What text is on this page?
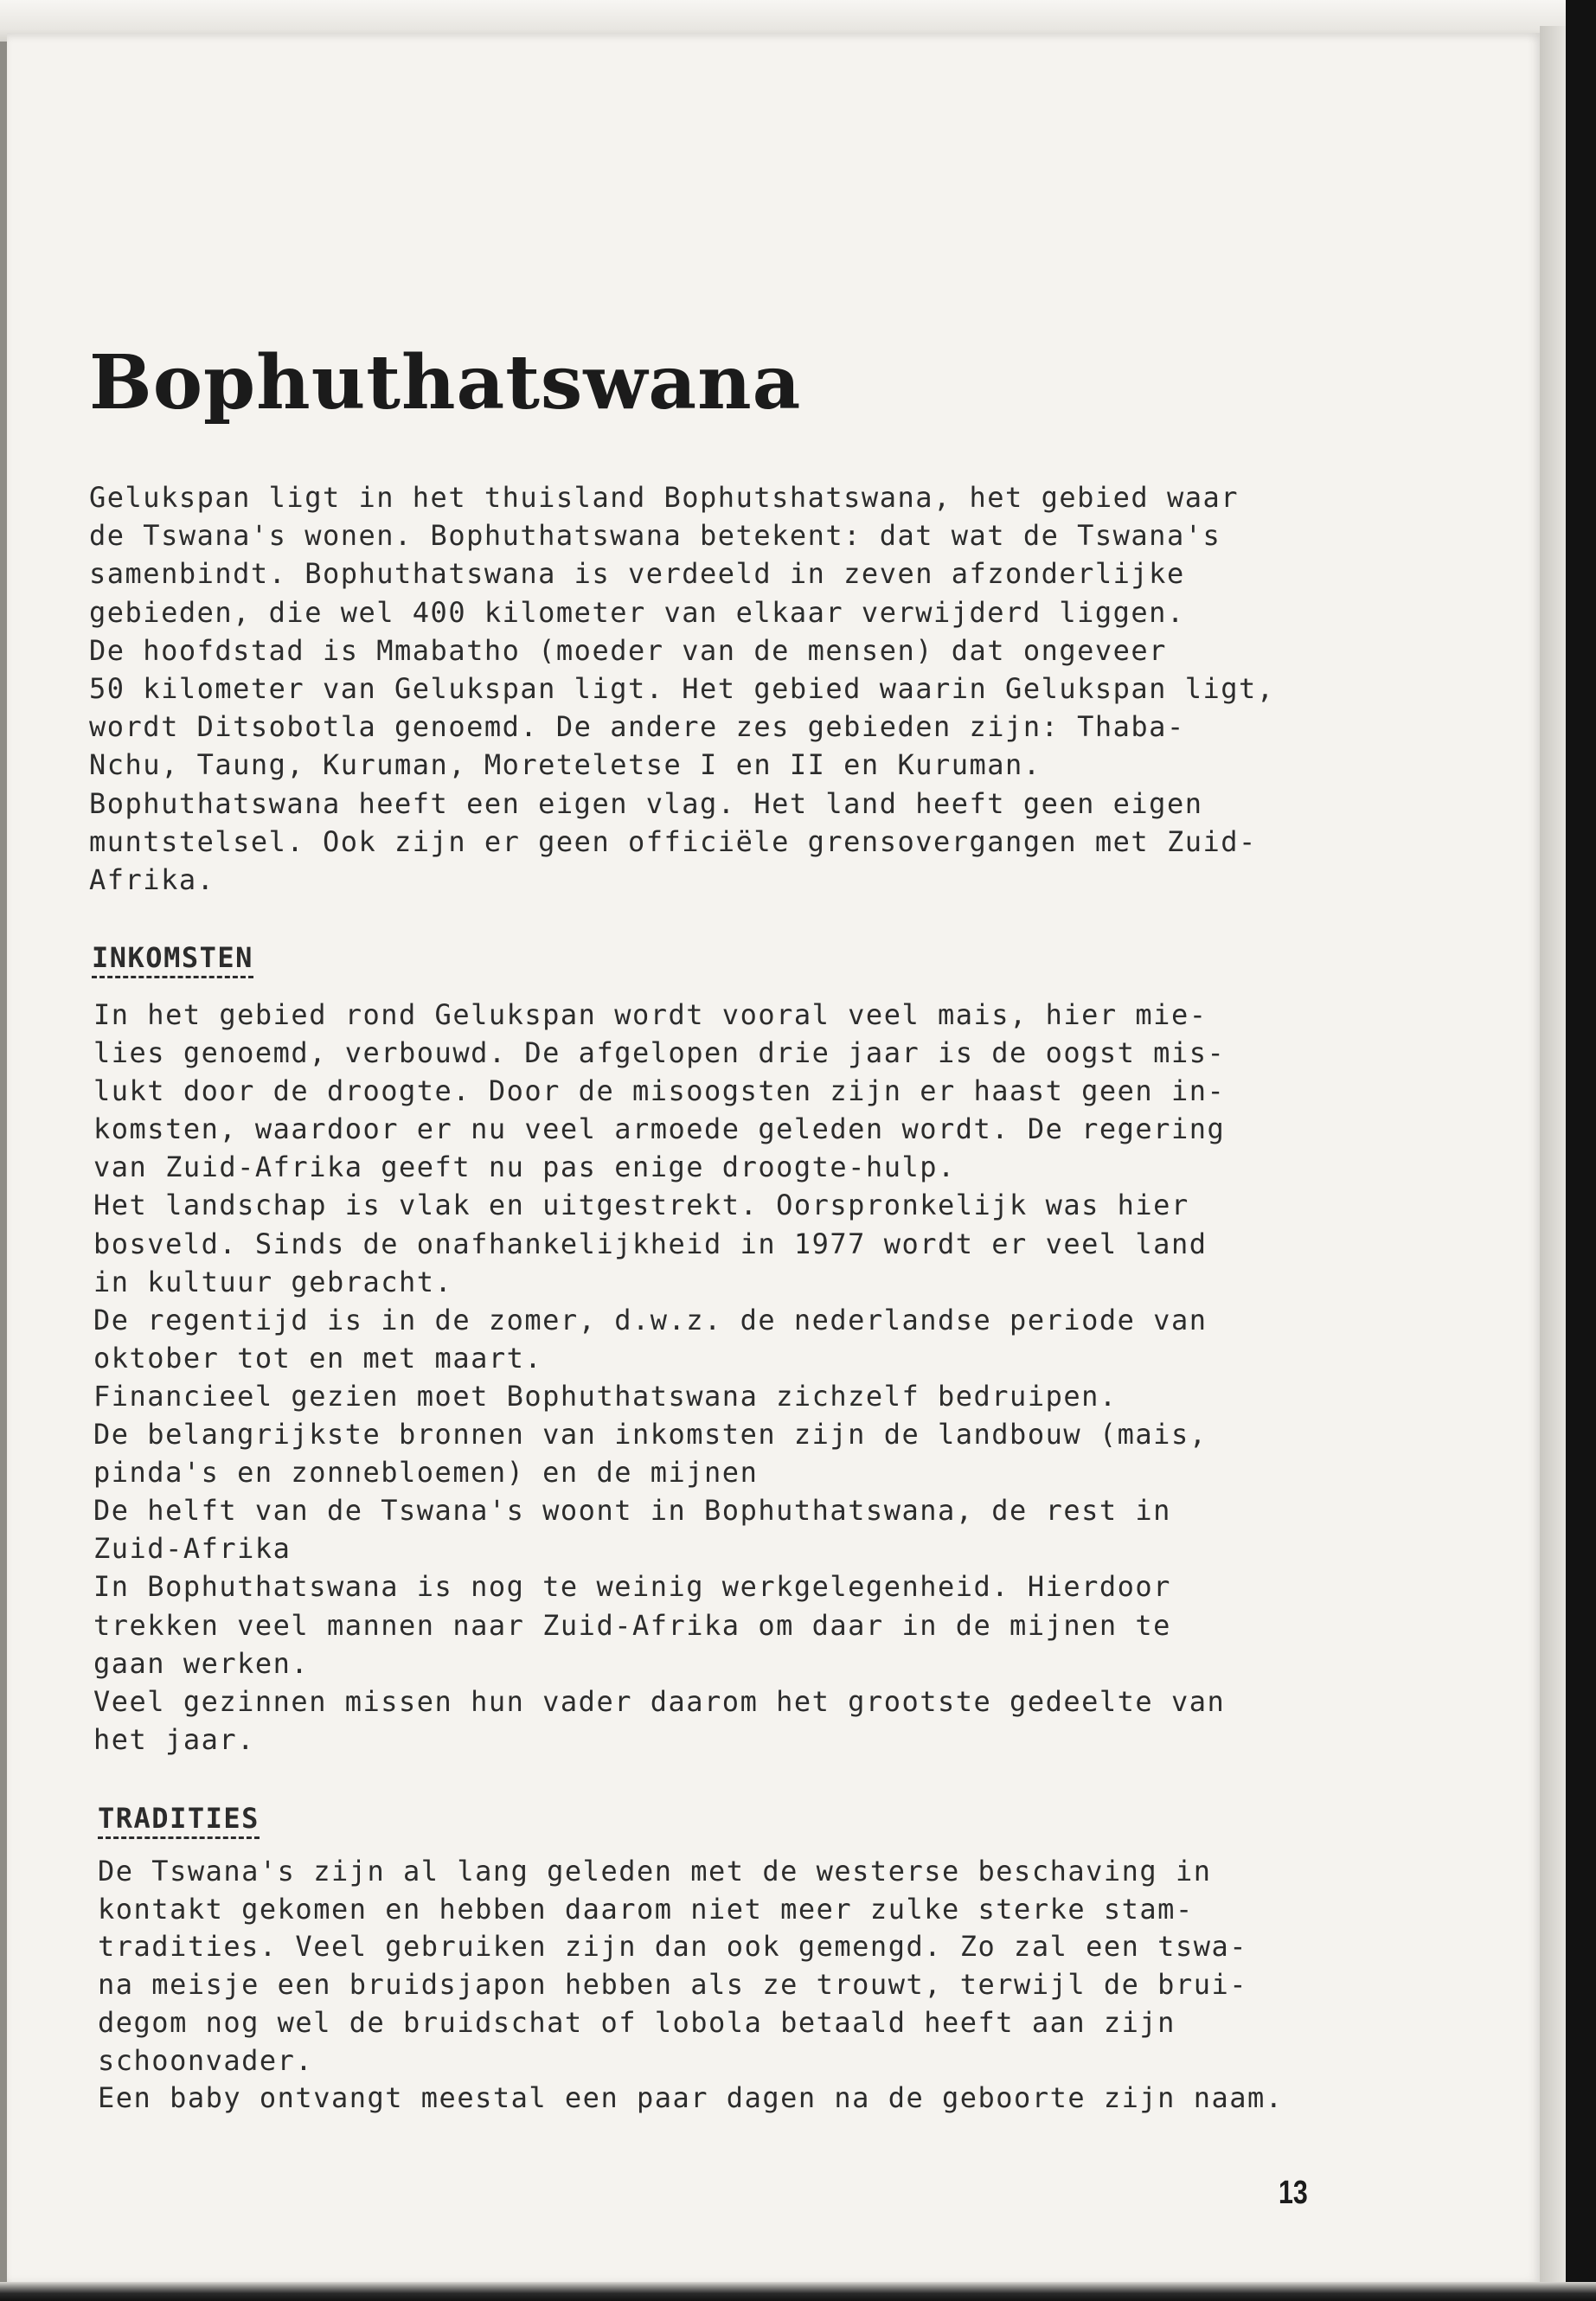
Bophuthatswana

Gelukspan ligt in het thuisland Bophutshatswana, het gebied waar
de Tswana's wonen. Bophuthatswana betekent: dat wat de Tswana's
samenbindt. Bophuthatswana is verdeeld in zeven afzonderlijke
gebieden, die wel 400 kilometer van elkaar verwijderd liggen.
De hoofdstad is Mmabatho (moeder van de mensen) dat ongeveer
50 kilometer van Gelukspan ligt. Het gebied waarin Gelukspan ligt,
wordt Ditsobotla genoemd. De andere zes gebieden zijn: Thaba-
Nchu, Taung, Kuruman, Moreteletse I en II en Kuruman.
Bophuthatswana heeft een eigen vlag. Het land heeft geen eigen
muntstelsel. Ook zijn er geen officiële grensovergangen met Zuid-
Afrika.

INKOMSTEN

In het gebied rond Gelukspan wordt vooral veel mais, hier mie-
lies genoemd, verbouwd. De afgelopen drie jaar is de oogst mis-
lukt door de droogte. Door de misoogsten zijn er haast geen in-
komsten, waardoor er nu veel armoede geleden wordt. De regering
van Zuid-Afrika geeft nu pas enige droogte-hulp.
Het landschap is vlak en uitgestrekt. Oorspronkelijk was hier
bosveld. Sinds de onafhankelijkheid in 1977 wordt er veel land
in kultuur gebracht.
De regentijd is in de zomer, d.w.z. de nederlandse periode van
oktober tot en met maart.
Financieel gezien moet Bophuthatswana zichzelf bedruipen.
De belangrijkste bronnen van inkomsten zijn de landbouw (mais,
pinda's en zonnebloemen) en de mijnen
De helft van de Tswana's woont in Bophuthatswana, de rest in
Zuid-Afrika
In Bophuthatswana is nog te weinig werkgelegenheid. Hierdoor
trekken veel mannen naar Zuid-Afrika om daar in de mijnen te
gaan werken.
Veel gezinnen missen hun vader daarom het grootste gedeelte van
het jaar.

TRADITIES

De Tswana's zijn al lang geleden met de westerse beschaving in
kontakt gekomen en hebben daarom niet meer zulke sterke stam-
tradities. Veel gebruiken zijn dan ook gemengd. Zo zal een tswa-
na meisje een bruidsjapon hebben als ze trouwt, terwijl de brui-
degom nog wel de bruidschat of lobola betaald heeft aan zijn
schoonvader.
Een baby ontvangt meestal een paar dagen na de geboorte zijn naam.

13
